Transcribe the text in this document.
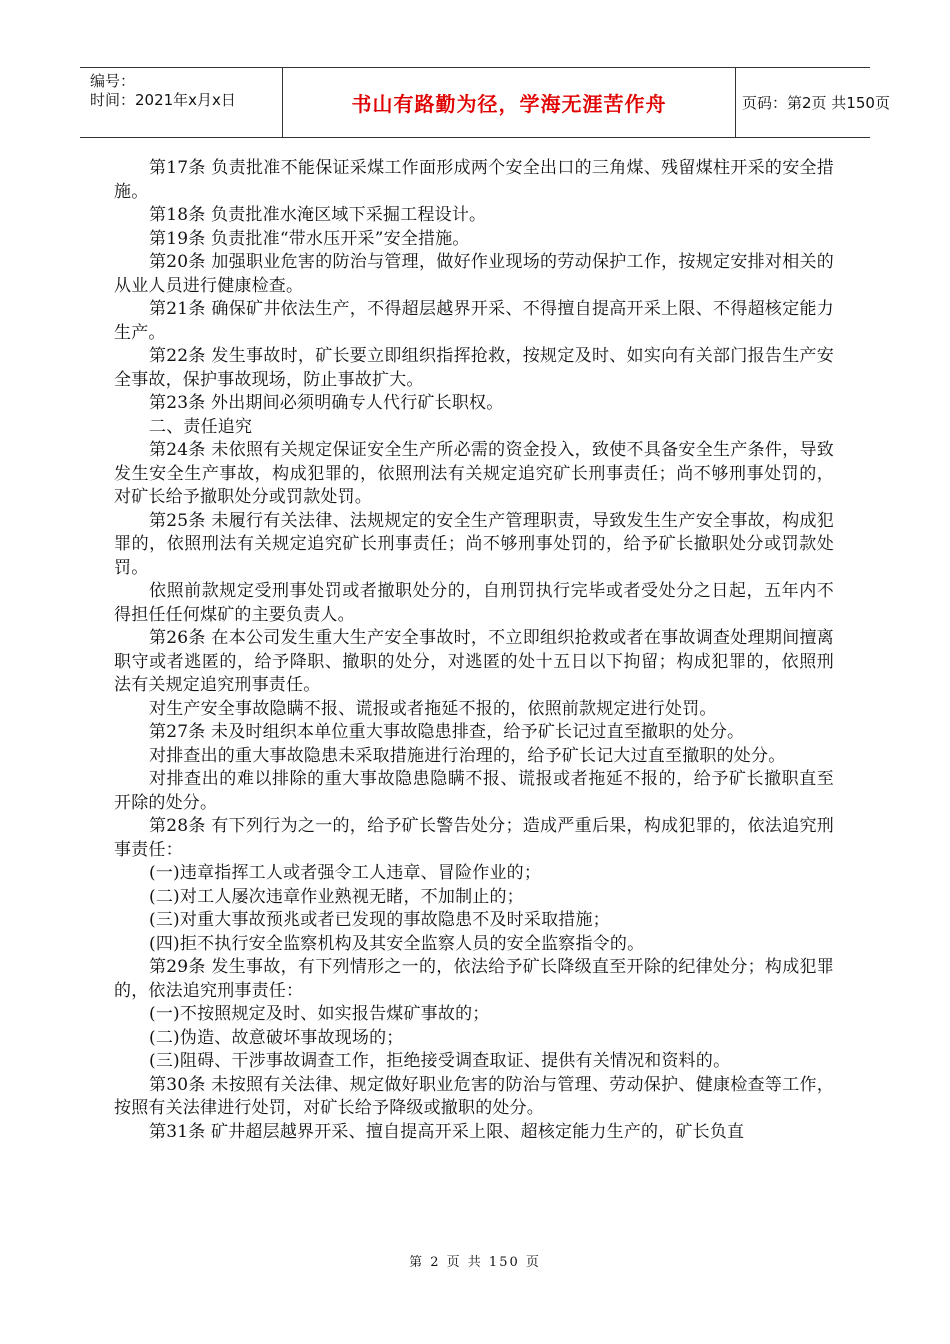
编号：
时间：2021年x月x日	书山有路勤为径，学海无涯苦作舟	页码：第2页 共150页

第17条 负责批准不能保证采煤工作面形成两个安全出口的三角煤、残留煤柱开采的安全措施。

第18条 负责批准水淹区域下采掘工程设计。

第19条 负责批准“带水压开采”安全措施。

第20条 加强职业危害的防治与管理，做好作业现场的劳动保护工作，按规定安排对相关的从业人员进行健康检查。

第21条 确保矿井依法生产，不得超层越界开采、不得擅自提高开采上限、不得超核定能力生产。

第22条 发生事故时，矿长要立即组织指挥抢救，按规定及时、如实向有关部门报告生产安全事故，保护事故现场，防止事故扩大。

第23条 外出期间必须明确专人代行矿长职权。

二、责任追究

第24条 未依照有关规定保证安全生产所必需的资金投入，致使不具备安全生产条件，导致发生安全生产事故，构成犯罪的，依照刑法有关规定追究矿长刑事责任；尚不够刑事处罚的，对矿长给予撤职处分或罚款处罚。

第25条 未履行有关法律、法规规定的安全生产管理职责，导致发生生产安全事故，构成犯罪的，依照刑法有关规定追究矿长刑事责任；尚不够刑事处罚的，给予矿长撤职处分或罚款处罚。

依照前款规定受刑事处罚或者撤职处分的，自刑罚执行完毕或者受处分之日起，五年内不得担任任何煤矿的主要负责人。

第26条 在本公司发生重大生产安全事故时，不立即组织抢救或者在事故调查处理期间擅离职守或者逃匿的，给予降职、撤职的处分，对逃匿的处十五日以下拘留；构成犯罪的，依照刑法有关规定追究刑事责任。

对生产安全事故隐瞒不报、谎报或者拖延不报的，依照前款规定进行处罚。

第27条 未及时组织本单位重大事故隐患排查，给予矿长记过直至撤职的处分。

对排查出的重大事故隐患未采取措施进行治理的，给予矿长记大过直至撤职的处分。

对排查出的难以排除的重大事故隐患隐瞒不报、谎报或者拖延不报的，给予矿长撤职直至开除的处分。

第28条 有下列行为之一的，给予矿长警告处分；造成严重后果，构成犯罪的，依法追究刑事责任：

(一)违章指挥工人或者强令工人违章、冒险作业的；

(二)对工人屡次违章作业熟视无睹，不加制止的；

(三)对重大事故预兆或者已发现的事故隐患不及时采取措施；

(四)拒不执行安全监察机构及其安全监察人员的安全监察指令的。

第29条 发生事故，有下列情形之一的，依法给予矿长降级直至开除的纪律处分；构成犯罪的，依法追究刑事责任：

(一)不按照规定及时、如实报告煤矿事故的；

(二)伪造、故意破坏事故现场的；

(三)阻碍、干涉事故调查工作，拒绝接受调查取证、提供有关情况和资料的。

第30条 未按照有关法律、规定做好职业危害的防治与管理、劳动保护、健康检查等工作，按照有关法律进行处罚，对矿长给予降级或撤职的处分。

第31条 矿井超层越界开采、擅自提高开采上限、超核定能力生产的，矿长负直

第 2 页 共 150 页
